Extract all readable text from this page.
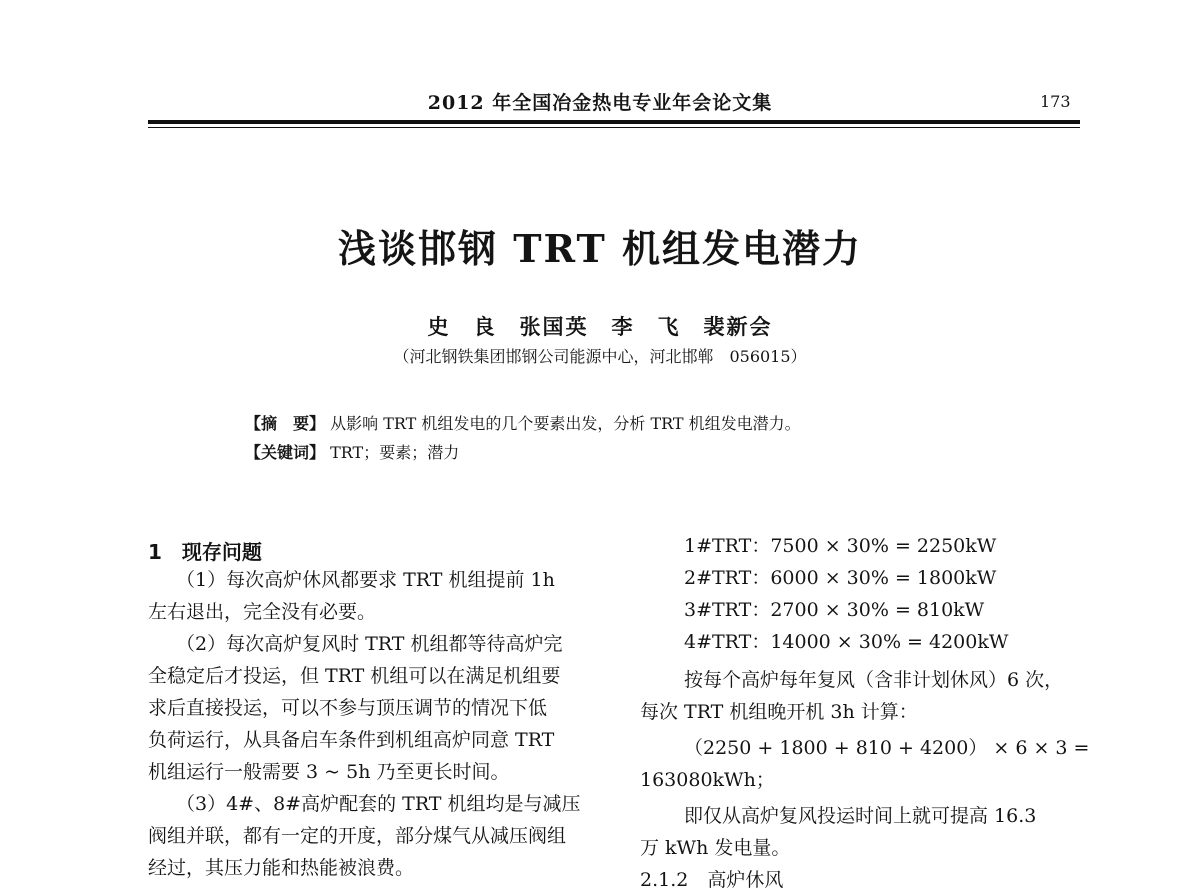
2012 年全国冶金热电专业年会论文集	173
浅谈邯钢 TRT 机组发电潜力
史　良　张国英　李　飞　裴新会
（河北钢铁集团邯钢公司能源中心，河北邯郸　056015）
【摘　要】 从影响 TRT 机组发电的几个要素出发，分析 TRT 机组发电潜力。
【关键词】 TRT；要素；潜力
1　现存问题
（1）每次高炉休风都要求 TRT 机组提前 1h
左右退出，完全没有必要。
（2）每次高炉复风时 TRT 机组都等待高炉完
全稳定后才投运，但 TRT 机组可以在满足机组要
求后直接投运，可以不参与顶压调节的情况下低
负荷运行，从具备启车条件到机组高炉同意 TRT
机组运行一般需要 3 ~ 5h 乃至更长时间。
（3）4#、8#高炉配套的 TRT 机组均是与减压
阀组并联，都有一定的开度，部分煤气从减压阀组
经过，其压力能和热能被浪费。
1#TRT：7500 × 30% = 2250kW
2#TRT：6000 × 30% = 1800kW
3#TRT：2700 × 30% = 810kW
4#TRT：14000 × 30% = 4200kW
按每个高炉每年复风（含非计划休风）6 次，
每次 TRT 机组晚开机 3h 计算：
（2250 + 1800 + 810 + 4200） × 6 × 3 =
163080kWh；
即仅从高炉复风投运时间上就可提高 16.3
万 kWh 发电量。
2.1.2　高炉休风
